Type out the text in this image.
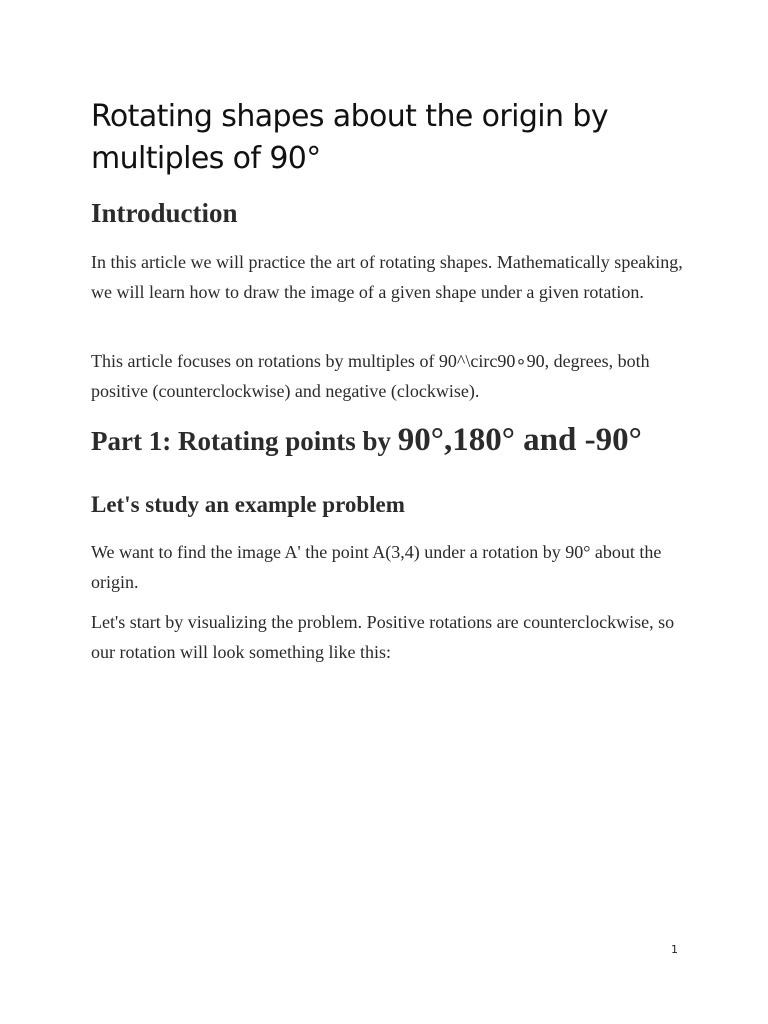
Rotating shapes about the origin by multiples of 90°
Introduction

In this article we will practice the art of rotating shapes. Mathematically speaking, we will learn how to draw the image of a given shape under a given rotation.

This article focuses on rotations by multiples of 90^\circ90∘90, degrees, both positive (counterclockwise) and negative (clockwise).

Part 1: Rotating points by 90°,180° and -90°
Let's study an example problem

We want to find the image A' the point A(3,4) under a rotation by 90° about the origin.

Let's start by visualizing the problem. Positive rotations are counterclockwise, so our rotation will look something like this:

1
